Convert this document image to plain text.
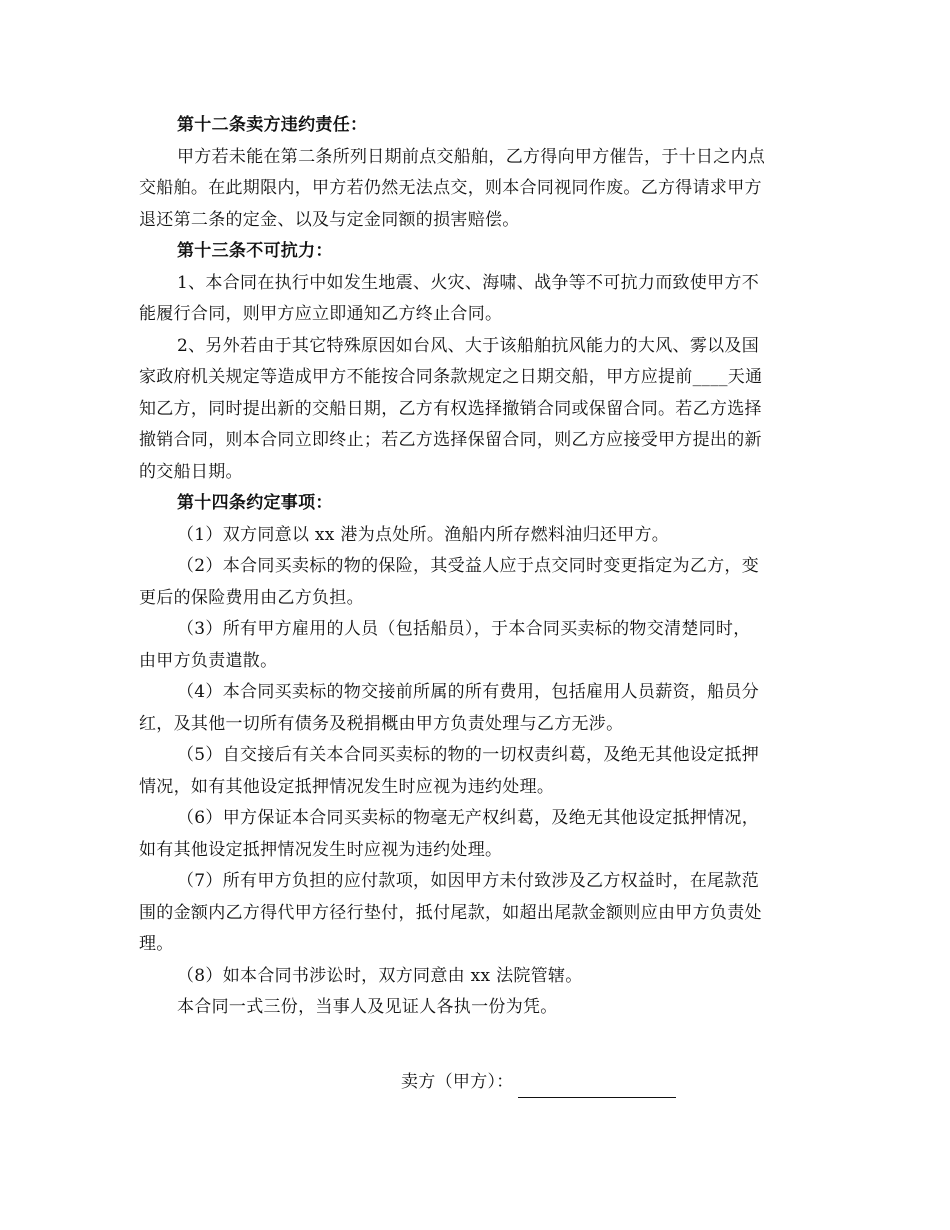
第十二条卖方违约责任：
甲方若未能在第二条所列日期前点交船舶，乙方得向甲方催告，于十日之内点
交船舶。在此期限内，甲方若仍然无法点交，则本合同视同作废。乙方得请求甲方
退还第二条的定金、以及与定金同额的损害赔偿。
第十三条不可抗力：
1、本合同在执行中如发生地震、火灾、海啸、战争等不可抗力而致使甲方不
能履行合同，则甲方应立即通知乙方终止合同。
2、另外若由于其它特殊原因如台风、大于该船舶抗风能力的大风、雾以及国
家政府机关规定等造成甲方不能按合同条款规定之日期交船，甲方应提前____天通
知乙方，同时提出新的交船日期，乙方有权选择撤销合同或保留合同。若乙方选择
撤销合同，则本合同立即终止；若乙方选择保留合同，则乙方应接受甲方提出的新
的交船日期。
第十四条约定事项：
（1）双方同意以 xx 港为点处所。渔船内所存燃料油归还甲方。
（2）本合同买卖标的物的保险，其受益人应于点交同时变更指定为乙方，变
更后的保险费用由乙方负担。
（3）所有甲方雇用的人员（包括船员），于本合同买卖标的物交清楚同时，
由甲方负责遣散。
（4）本合同买卖标的物交接前所属的所有费用，包括雇用人员薪资，船员分
红，及其他一切所有债务及税捐概由甲方负责处理与乙方无涉。
（5）自交接后有关本合同买卖标的物的一切权责纠葛，及绝无其他设定抵押
情况，如有其他设定抵押情况发生时应视为违约处理。
（6）甲方保证本合同买卖标的物毫无产权纠葛，及绝无其他设定抵押情况，
如有其他设定抵押情况发生时应视为违约处理。
（7）所有甲方负担的应付款项，如因甲方未付致涉及乙方权益时，在尾款范
围的金额内乙方得代甲方径行垫付，抵付尾款，如超出尾款金额则应由甲方负责处
理。
（8）如本合同书涉讼时，双方同意由 xx 法院管辖。
本合同一式三份，当事人及见证人各执一份为凭。
卖方（甲方）：
